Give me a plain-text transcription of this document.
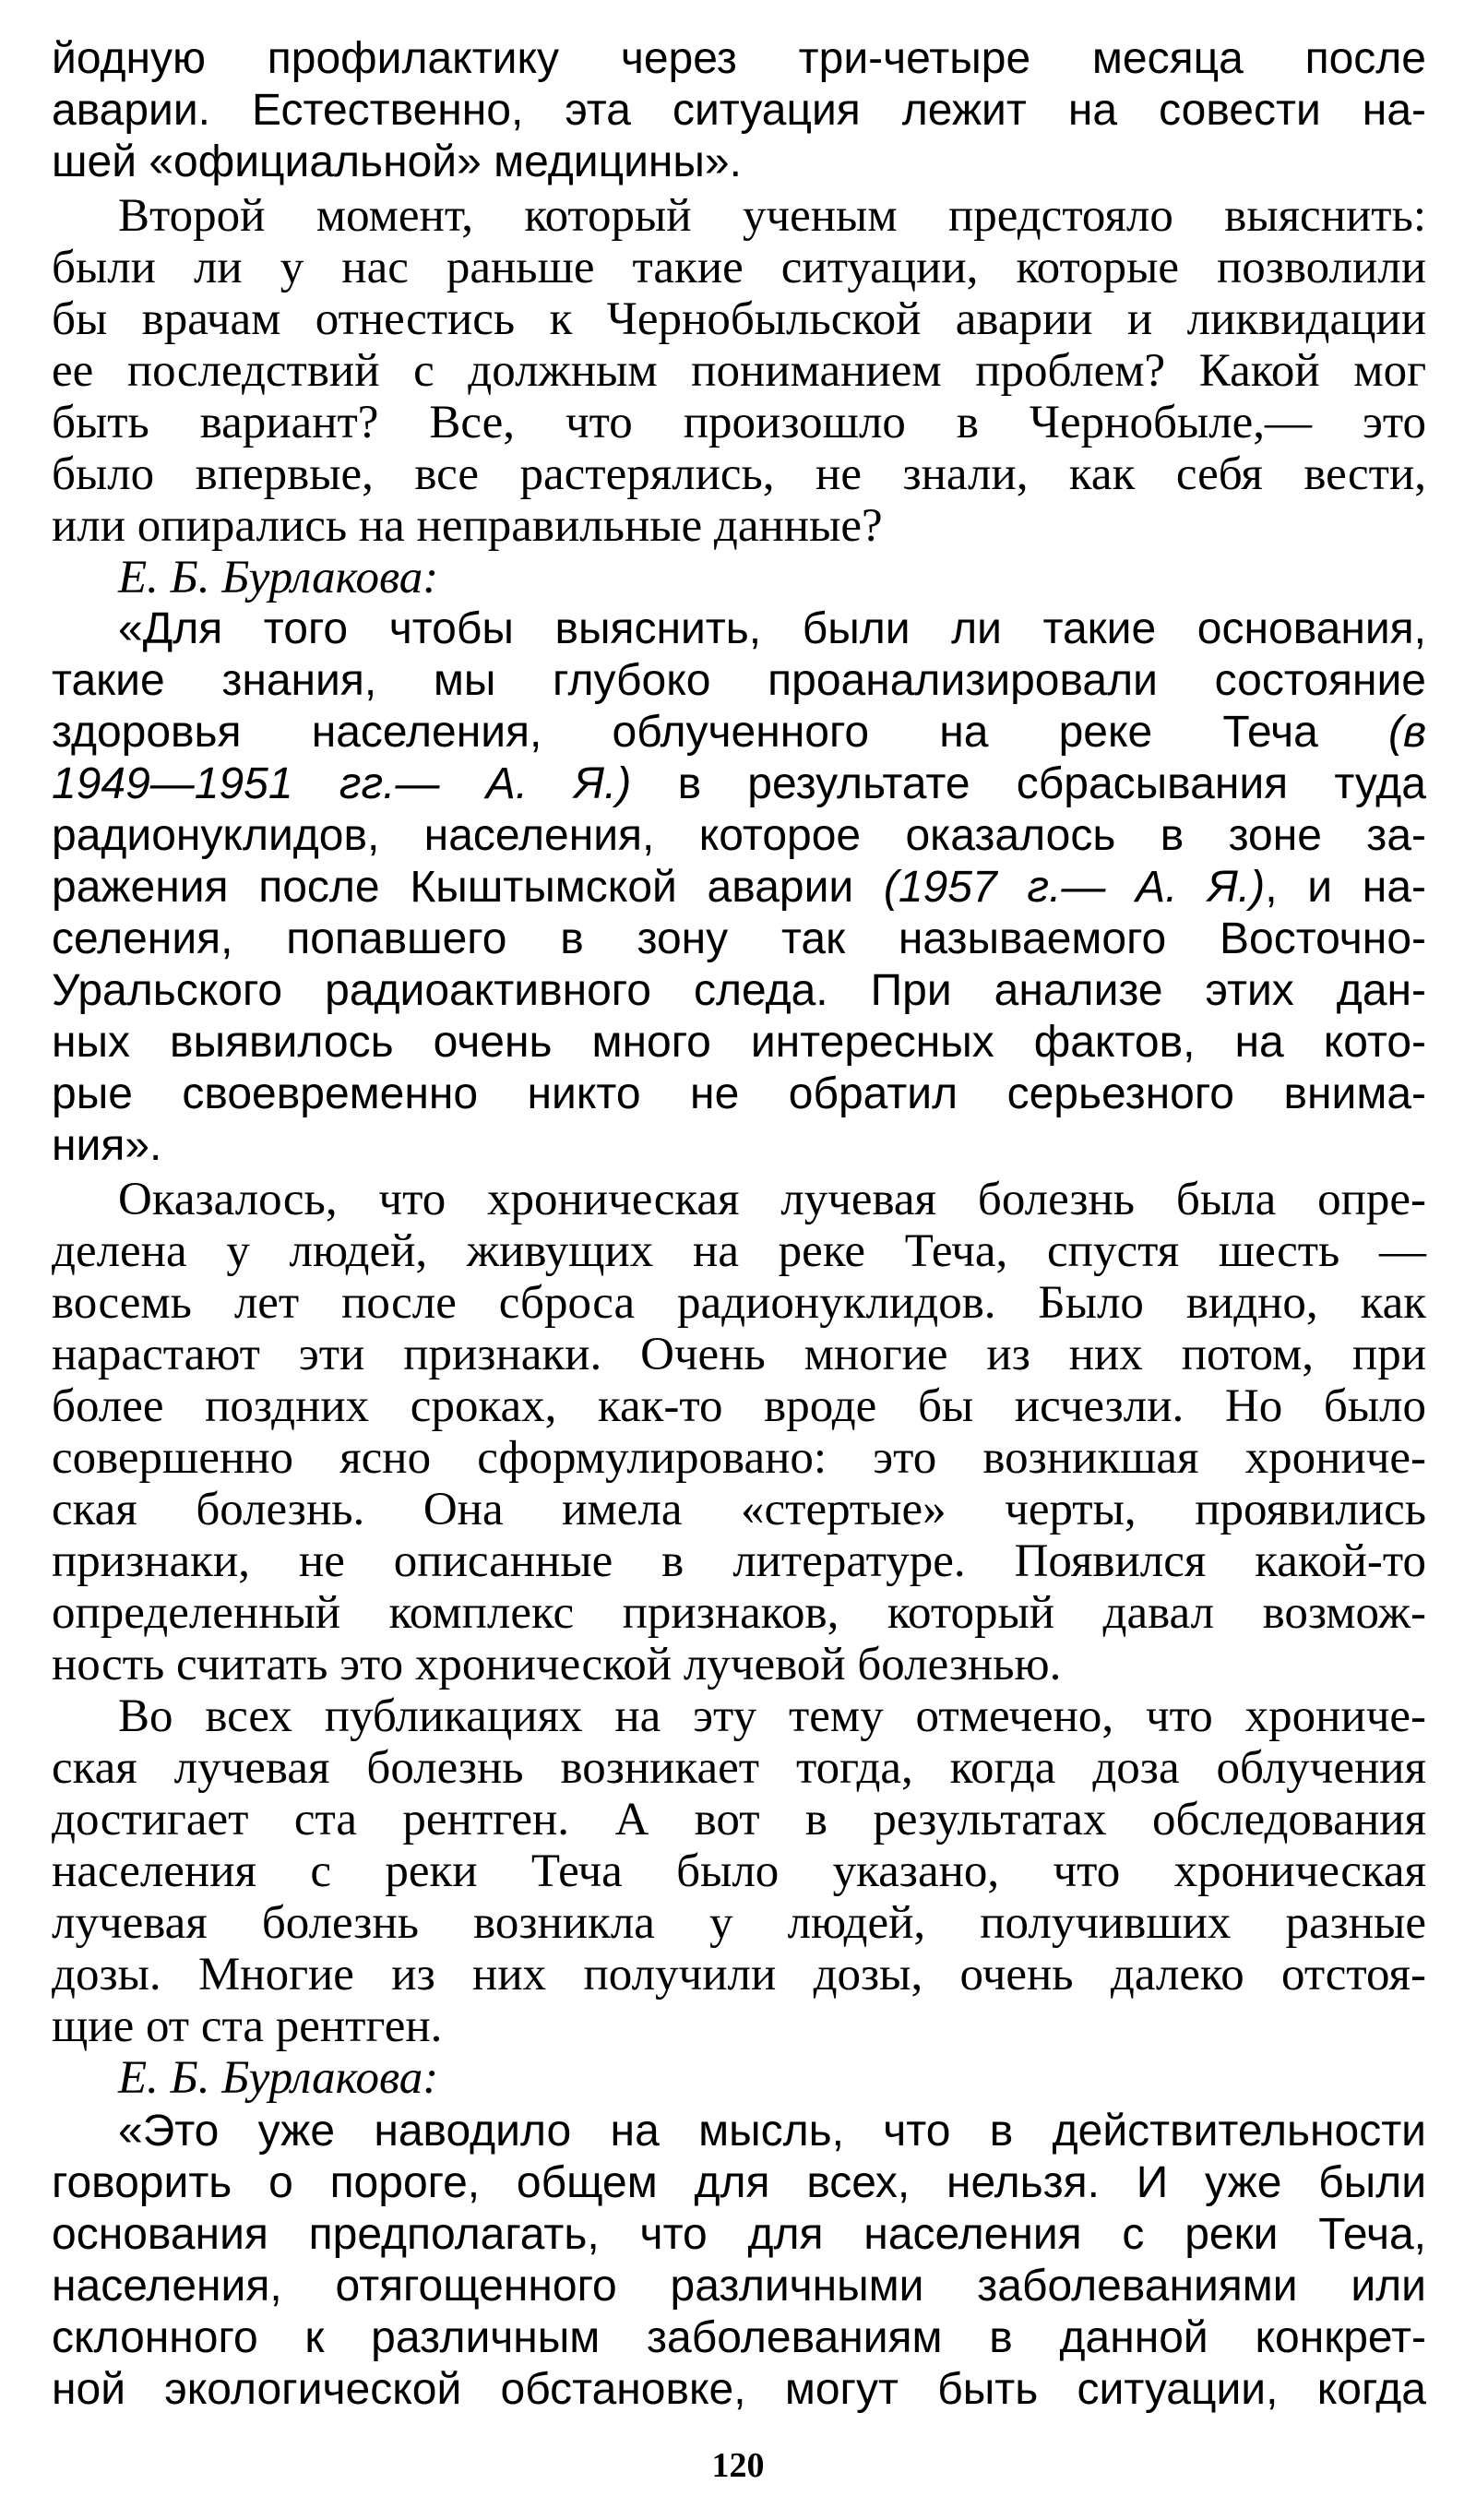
йодную профилактику через три-четыре месяца после
аварии. Естественно, эта ситуация лежит на совести на-
шей «официальной» медицины».
Второй момент, который ученым предстояло выяснить:
были ли у нас раньше такие ситуации, которые позволили
бы врачам отнестись к Чернобыльской аварии и ликвидации
ее последствий с должным пониманием проблем? Какой мог
быть вариант? Все, что произошло в Чернобыле,— это
было впервые, все растерялись, не знали, как себя вести,
или опирались на неправильные данные?
Е. Б. Бурлакова:
«Для того чтобы выяснить, были ли такие основания,
такие знания, мы глубоко проанализировали состояние
здоровья населения, облученного на реке Теча (в
1949—1951 гг.— А. Я.) в результате сбрасывания туда
радионуклидов, населения, которое оказалось в зоне за-
ражения после Кыштымской аварии (1957 г.— А. Я.), и на-
селения, попавшего в зону так называемого Восточно-
Уральского радиоактивного следа. При анализе этих дан-
ных выявилось очень много интересных фактов, на кото-
рые своевременно никто не обратил серьезного внима-
ния».
Оказалось, что хроническая лучевая болезнь была опре-
делена у людей, живущих на реке Теча, спустя шесть —
восемь лет после сброса радионуклидов. Было видно, как
нарастают эти признаки. Очень многие из них потом, при
более поздних сроках, как-то вроде бы исчезли. Но было
совершенно ясно сформулировано: это возникшая хрониче-
ская болезнь. Она имела «стертые» черты, проявились
признаки, не описанные в литературе. Появился какой-то
определенный комплекс признаков, который давал возмож-
ность считать это хронической лучевой болезнью.
Во всех публикациях на эту тему отмечено, что хрониче-
ская лучевая болезнь возникает тогда, когда доза облучения
достигает ста рентген. А вот в результатах обследования
населения с реки Теча было указано, что хроническая
лучевая болезнь возникла у людей, получивших разные
дозы. Многие из них получили дозы, очень далеко отстоя-
щие от ста рентген.
Е. Б. Бурлакова:
«Это уже наводило на мысль, что в действительности
говорить о пороге, общем для всех, нельзя. И уже были
основания предполагать, что для населения с реки Теча,
населения, отягощенного различными заболеваниями или
склонного к различным заболеваниям в данной конкрет-
ной экологической обстановке, могут быть ситуации, когда
120
